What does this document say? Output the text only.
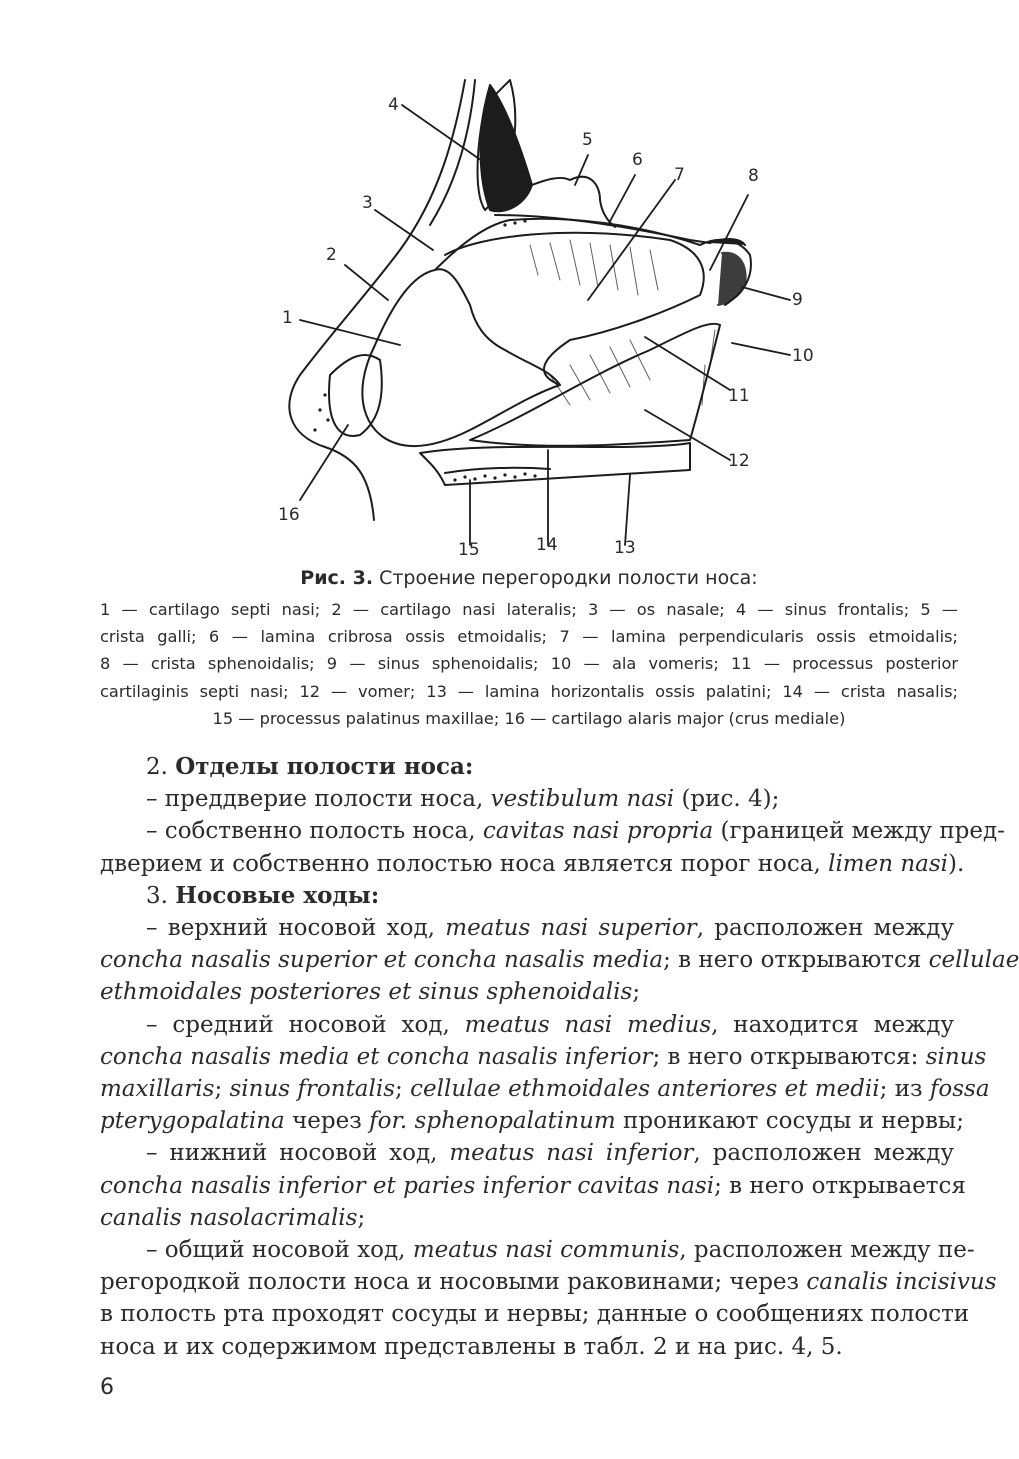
4
5
6
7	8
3
2
1
9
10
11
12
13
14
15
16
Рис. 3. Строение перегородки полости носа:
1 — cartilago septi nasi; 2 — cartilago nasi lateralis; 3 — os nasale; 4 — sinus frontalis; 5 —
crista galli; 6 — lamina cribrosa ossis etmoidalis; 7 — lamina perpendicularis ossis etmoidalis;
8 — crista sphenoidalis; 9 — sinus sphenoidalis; 10 — ala vomeris; 11 — processus posterior
cartilaginis septi nasi; 12 — vomer; 13 — lamina horizontalis ossis palatini; 14 — crista nasalis;
15 — processus palatinus maxillae; 16 — cartilago alaris major (crus mediale)
2. Отделы полости носа:
– преддверие полости носа, vestibulum nasi (рис. 4);
– собственно полость носа, cavitas nasi propria (границей между пред-
дверием и собственно полостью носа является порог носа, limen nasi).
3. Носовые ходы:
– верхний носовой ход, meatus nasi superior, расположен между
concha nasalis superior et concha nasalis media; в него открываются cellulae
ethmoidales posteriores et sinus sphenoidalis;
– средний носовой ход, meatus nasi medius, находится между
concha nasalis media et concha nasalis inferior; в него открываются: sinus
maxillaris; sinus frontalis; cellulae ethmoidales anteriores et medii; из fossa
pterygopalatina через for. sphenopalatinum проникают сосуды и нервы;
– нижний носовой ход, meatus nasi inferior, расположен между
concha nasalis inferior et paries inferior cavitas nasi; в него открывается
canalis nasolacrimalis;
– общий носовой ход, meatus nasi communis, расположен между пе-
регородкой полости носа и носовыми раковинами; через canalis incisivus
в полость рта проходят сосуды и нервы; данные о сообщениях полости
носа и их содержимом представлены в табл. 2 и на рис. 4, 5.
6
